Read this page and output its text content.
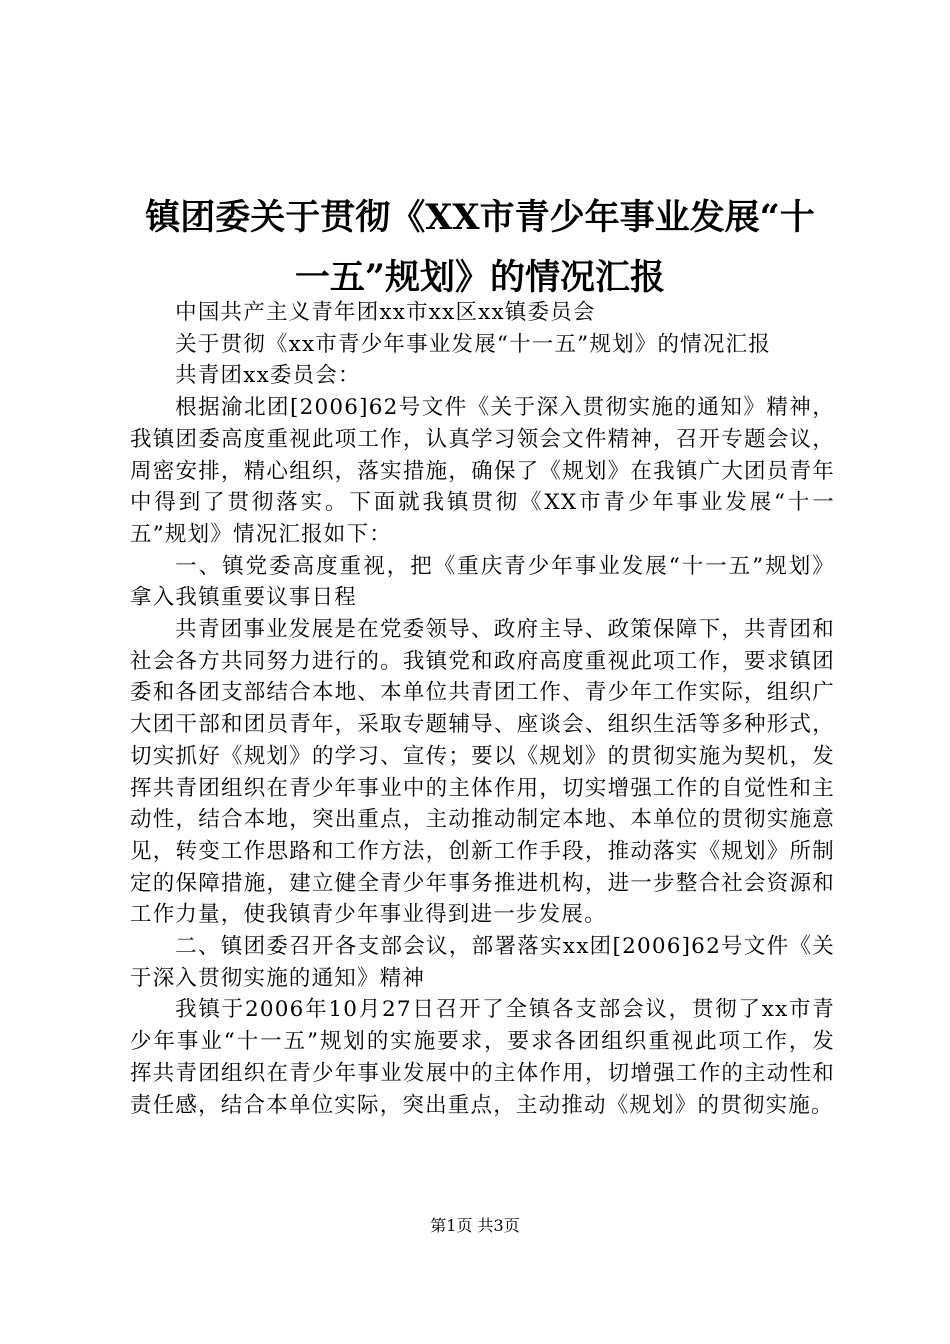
镇团委关于贯彻《XX市青少年事业发展“十
一五”规划》的情况汇报

中国共产主义青年团xx市xx区xx镇委员会

关于贯彻《xx市青少年事业发展“十一五”规划》的情况汇报

共青团xx委员会：

根据渝北团[2006]62号文件《关于深入贯彻实施的通知》精神，我镇团委高度重视此项工作，认真学习领会文件精神，召开专题会议，周密安排，精心组织，落实措施，确保了《规划》在我镇广大团员青年中得到了贯彻落实。下面就我镇贯彻《XX市青少年事业发展“十一五”规划》情况汇报如下：

一、镇党委高度重视，把《重庆青少年事业发展“十一五”规划》拿入我镇重要议事日程

共青团事业发展是在党委领导、政府主导、政策保障下，共青团和社会各方共同努力进行的。我镇党和政府高度重视此项工作，要求镇团委和各团支部结合本地、本单位共青团工作、青少年工作实际，组织广大团干部和团员青年，采取专题辅导、座谈会、组织生活等多种形式，切实抓好《规划》的学习、宣传；要以《规划》的贯彻实施为契机，发挥共青团组织在青少年事业中的主体作用，切实增强工作的自觉性和主动性，结合本地，突出重点，主动推动制定本地、本单位的贯彻实施意见，转变工作思路和工作方法，创新工作手段，推动落实《规划》所制定的保障措施，建立健全青少年事务推进机构，进一步整合社会资源和工作力量，使我镇青少年事业得到进一步发展。

二、镇团委召开各支部会议，部署落实xx团[2006]62号文件《关于深入贯彻实施的通知》精神

我镇于2006年10月27日召开了全镇各支部会议，贯彻了xx市青少年事业“十一五”规划的实施要求，要求各团组织重视此项工作，发挥共青团组织在青少年事业发展中的主体作用，切增强工作的主动性和责任感，结合本单位实际，突出重点，主动推动《规划》的贯彻实施。

第1页 共3页
